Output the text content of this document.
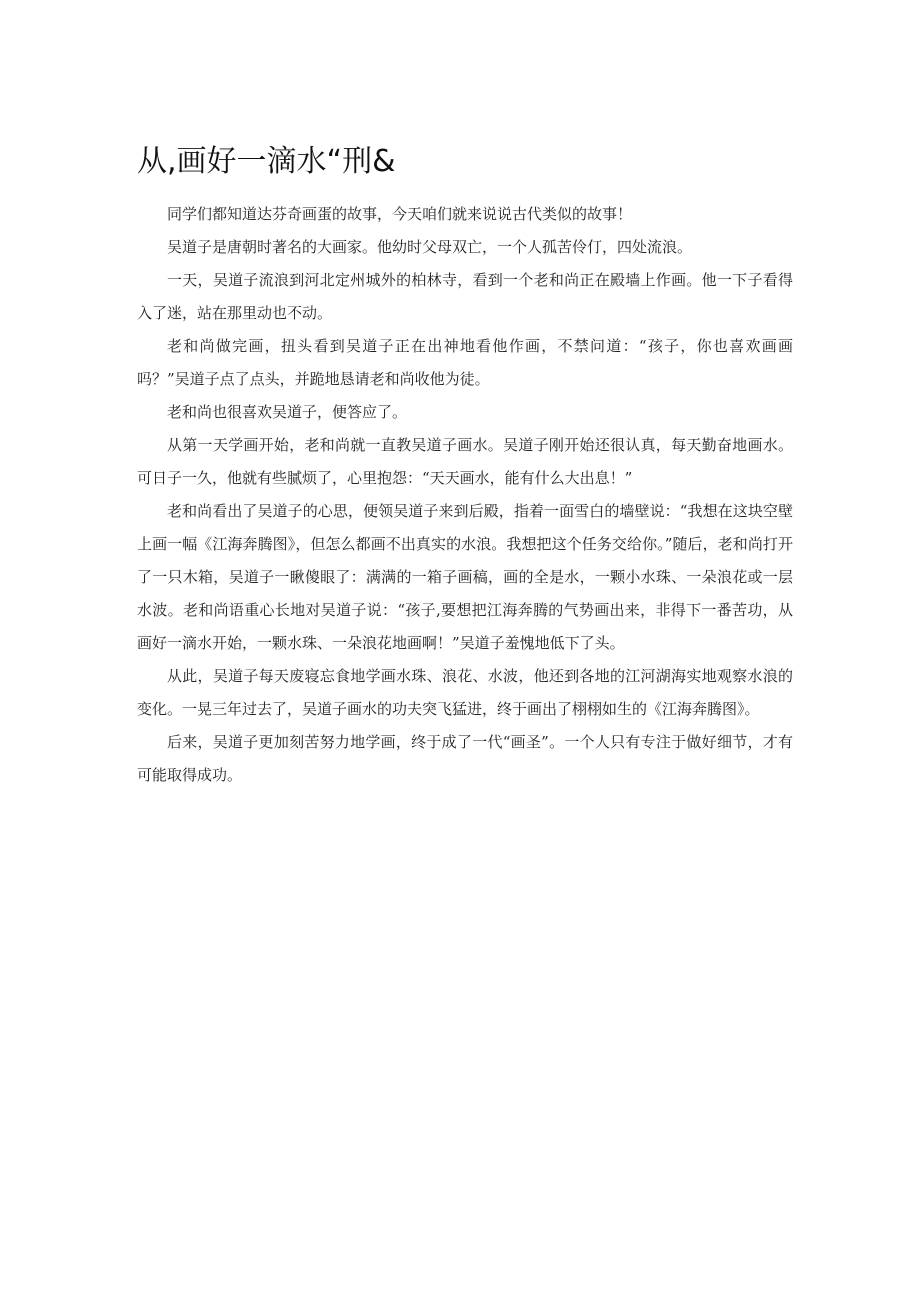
从,画好一滴水“刑&

同学们都知道达芬奇画蛋的故事，今天咱们就来说说古代类似的故事！

吴道子是唐朝时著名的大画家。他幼时父母双亡，一个人孤苦伶仃，四处流浪。

一天，吴道子流浪到河北定州城外的柏林寺，看到一个老和尚正在殿墙上作画。他一下子看得入了迷，站在那里动也不动。

老和尚做完画，扭头看到吴道子正在出神地看他作画，不禁问道：“孩子，你也喜欢画画吗？”吴道子点了点头，并跪地恳请老和尚收他为徒。

老和尚也很喜欢吴道子，便答应了。

从第一天学画开始，老和尚就一直教吴道子画水。吴道子刚开始还很认真，每天勤奋地画水。可日子一久，他就有些腻烦了，心里抱怨：“天天画水，能有什么大出息！”

老和尚看出了吴道子的心思，便领吴道子来到后殿，指着一面雪白的墙壁说：“我想在这块空壁上画一幅《江海奔腾图》，但怎么都画不出真实的水浪。我想把这个任务交给你。”随后，老和尚打开了一只木箱，吴道子一瞅傻眼了：满满的一箱子画稿，画的全是水，一颗小水珠、一朵浪花或一层水波。老和尚语重心长地对吴道子说：“孩子,要想把江海奔腾的气势画出来，非得下一番苦功，从画好一滴水开始，一颗水珠、一朵浪花地画啊！”吴道子羞愧地低下了头。

从此，吴道子每天废寝忘食地学画水珠、浪花、水波，他还到各地的江河湖海实地观察水浪的变化。一晃三年过去了，吴道子画水的功夫突飞猛进，终于画出了栩栩如生的《江海奔腾图》。

后来，吴道子更加刻苦努力地学画，终于成了一代“画圣”。一个人只有专注于做好细节，才有可能取得成功。
